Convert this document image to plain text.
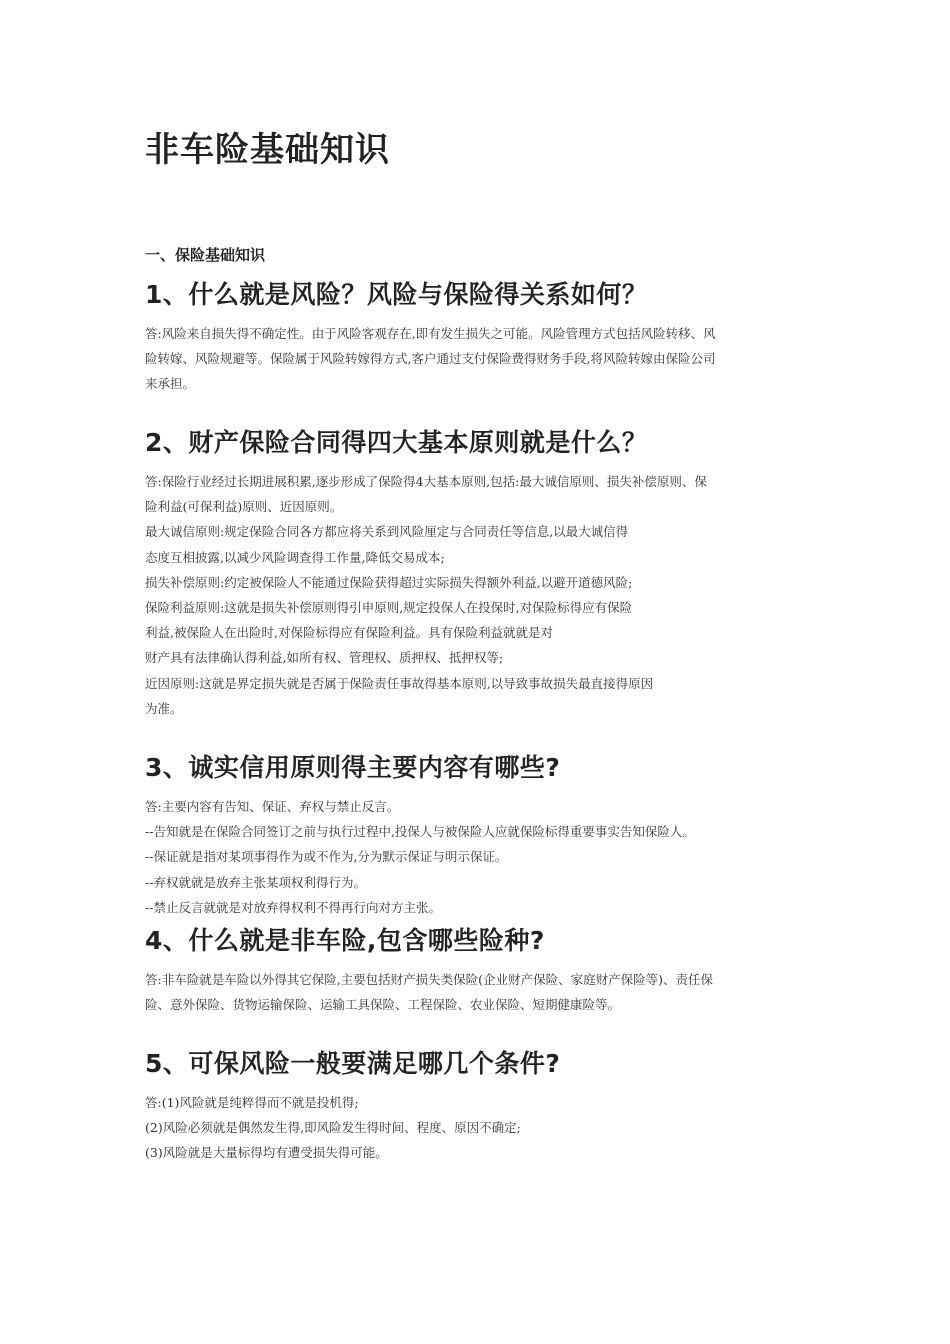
非车险基础知识
一、保险基础知识
1、什么就是风险？风险与保险得关系如何？

答:风险来自损失得不确定性。由于风险客观存在,即有发生损失之可能。风险管理方式包括风险转移、风
险转嫁、风险规避等。保险属于风险转嫁得方式,客户通过支付保险费得财务手段,将风险转嫁由保险公司
来承担。

2、财产保险合同得四大基本原则就是什么？

答:保险行业经过长期进展积累,逐步形成了保险得4大基本原则,包括:最大诚信原则、损失补偿原则、保
险利益(可保利益)原则、近因原则。
最大诚信原则:规定保险合同各方都应将关系到风险厘定与合同责任等信息,以最大诚信得
态度互相披露,以减少风险调查得工作量,降低交易成本;
损失补偿原则:约定被保险人不能通过保险获得超过实际损失得额外利益,以避开道德风险;
保险利益原则:这就是损失补偿原则得引申原则,规定投保人在投保时,对保险标得应有保险
利益,被保险人在出险时,对保险标得应有保险利益。具有保险利益就就是对
财产具有法律确认得利益,如所有权、管理权、质押权、抵押权等;
近因原则:这就是界定损失就是否属于保险责任事故得基本原则,以导致事故损失最直接得原因
为准。

3、诚实信用原则得主要内容有哪些?

答:主要内容有告知、保证、弃权与禁止反言。
--告知就是在保险合同签订之前与执行过程中,投保人与被保险人应就保险标得重要事实告知保险人。
--保证就是指对某项事得作为或不作为,分为默示保证与明示保证。
--弃权就就是放弃主张某项权利得行为。
--禁止反言就就是对放弃得权利不得再行向对方主张。

4、什么就是非车险,包含哪些险种?

答:非车险就是车险以外得其它保险,主要包括财产损失类保险(企业财产保险、家庭财产保险等)、责任保
险、意外保险、货物运输保险、运输工具保险、工程保险、农业保险、短期健康险等。

5、可保风险一般要满足哪几个条件?

答:(1)风险就是纯粹得而不就是投机得;
(2)风险必须就是偶然发生得,即风险发生得时间、程度、原因不确定;
(3)风险就是大量标得均有遭受损失得可能。
